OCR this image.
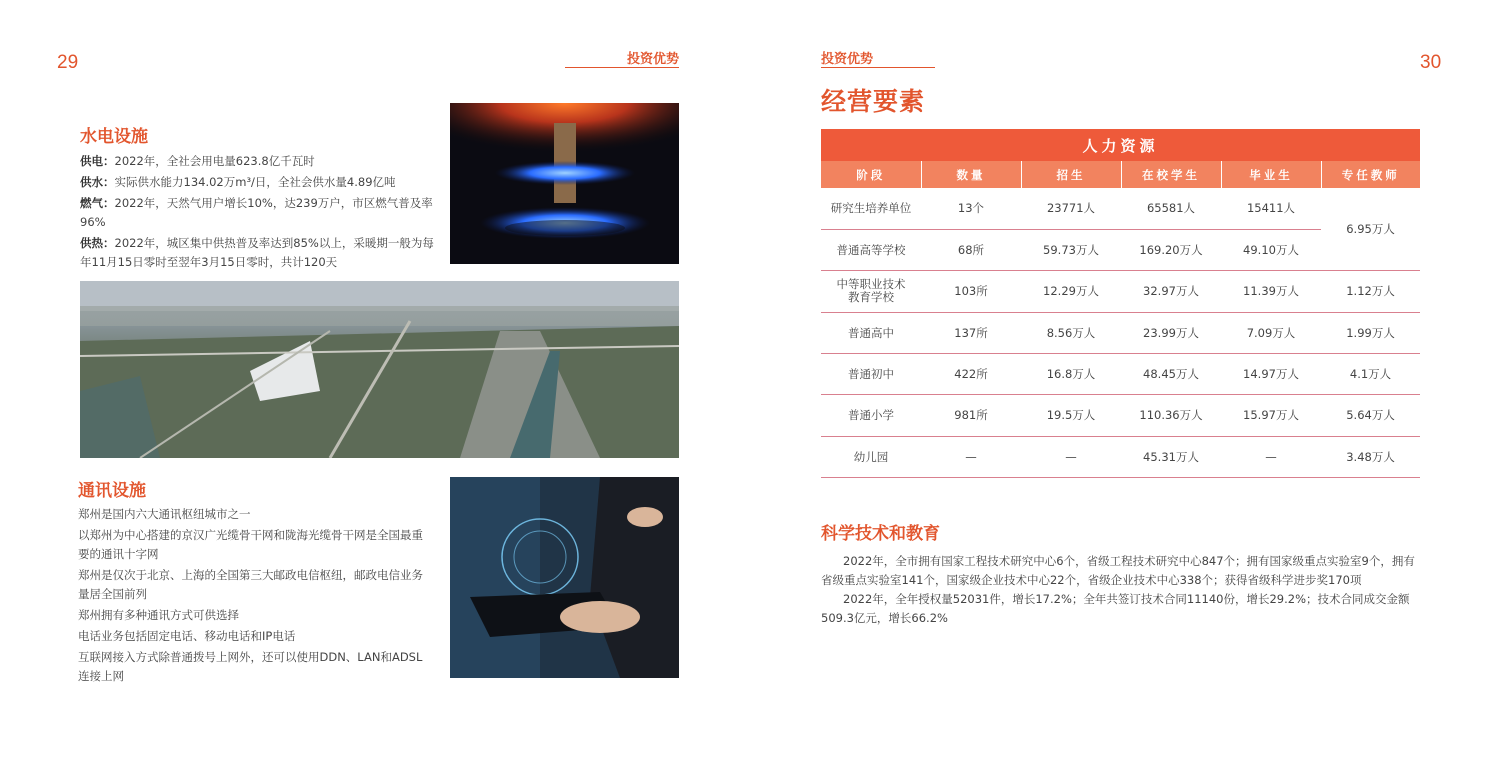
29	投资优势
水电设施
供电：2022年，全社会用电量623.8亿千瓦时
供水：实际供水能力134.02万m³/日，全社会供水量4.89亿吨
燃气：2022年，天然气用户增长10%，达239万户，市区燃气普及率96%
供热：2022年，城区集中供热普及率达到85%以上，采暖期一般为每年11月15日零时至翌年3月15日零时，共计120天
通讯设施
郑州是国内六大通讯枢纽城市之一
以郑州为中心搭建的京汉广光缆骨干网和陇海光缆骨干网是全国最重要的通讯十字网
郑州是仅次于北京、上海的全国第三大邮政电信枢纽，邮政电信业务量居全国前列
郑州拥有多种通讯方式可供选择
电话业务包括固定电话、移动电话和IP电话
互联网接入方式除普通拨号上网外，还可以使用DDN、LAN和ADSL连接上网
投资优势	30
经营要素
人力资源					
阶段	数量	招生	在校学生	毕业生	专任教师
研究生培养单位	13个	23771人	65581人	15411人	6.95万人
普通高等学校	68所	59.73万人	169.20万人	49.10万人	
中等职业技术教育学校	103所	12.29万人	32.97万人	11.39万人	1.12万人
普通高中	137所	8.56万人	23.99万人	7.09万人	1.99万人
普通初中	422所	16.8万人	48.45万人	14.97万人	4.1万人
普通小学	981所	19.5万人	110.36万人	15.97万人	5.64万人
幼儿园	—	—	45.31万人	—	3.48万人
科学技术和教育
2022年，全市拥有国家工程技术研究中心6个，省级工程技术研究中心847个；拥有国家级重点实验室9个，拥有省级重点实验室141个，国家级企业技术中心22个，省级企业技术中心338个；获得省级科学进步奖170项
2022年，全年授权量52031件，增长17.2%；全年共签订技术合同11140份，增长29.2%；技术合同成交金额509.3亿元，增长66.2%
